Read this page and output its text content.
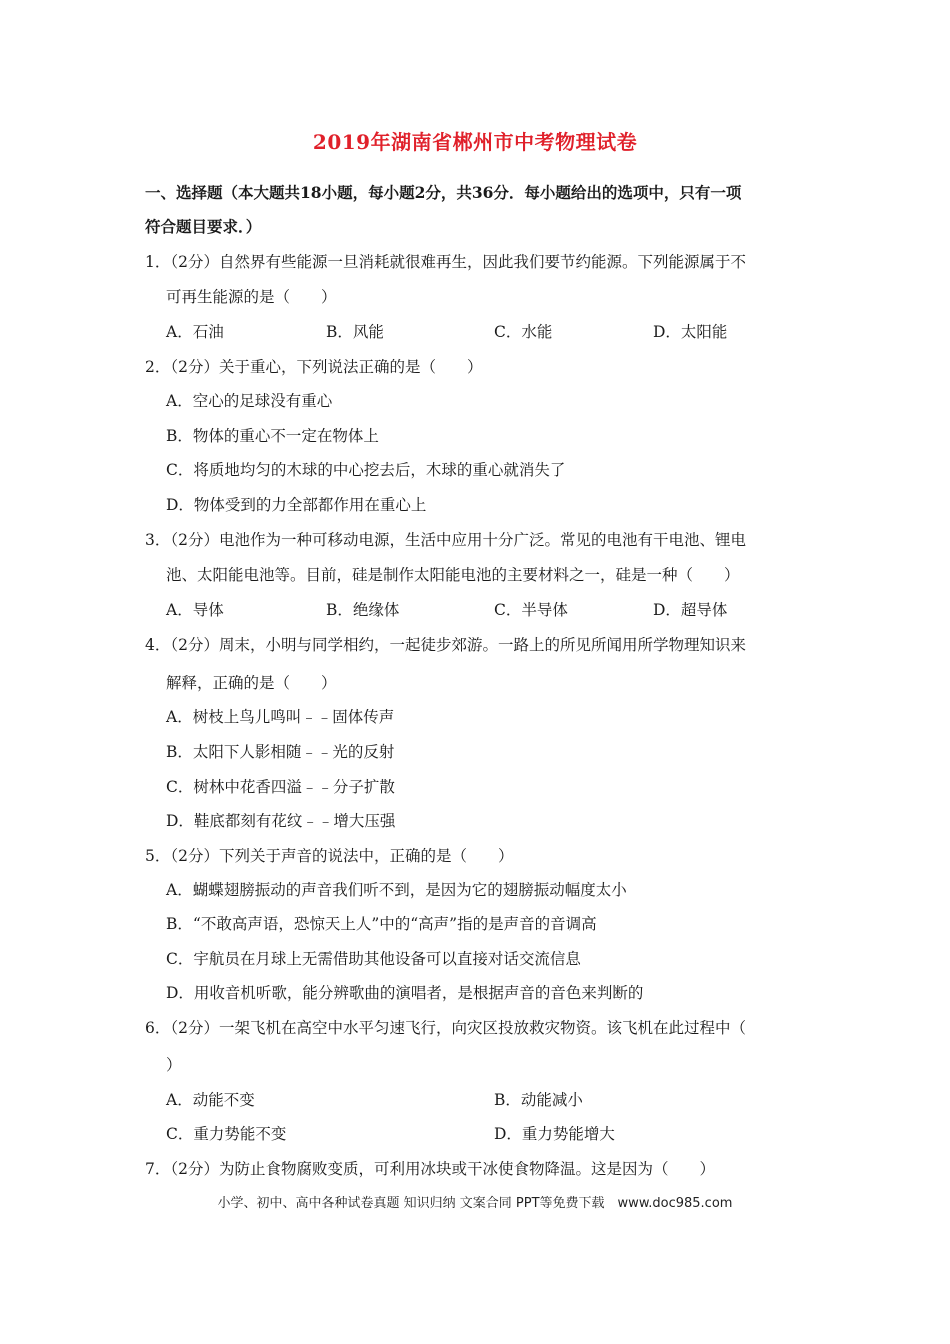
2019年湖南省郴州市中考物理试卷
一、选择题（本大题共18小题，每小题2分，共36分．每小题给出的选项中，只有一项
符合题目要求．）
1．（2分）自然界有些能源一旦消耗就很难再生，因此我们要节约能源。下列能源属于不
可再生能源的是（　　）
A．石油	B．风能	C．水能	D．太阳能
2．（2分）关于重心，下列说法正确的是（　　）
A．空心的足球没有重心
B．物体的重心不一定在物体上
C．将质地均匀的木球的中心挖去后，木球的重心就消失了
D．物体受到的力全部都作用在重心上
3．（2分）电池作为一种可移动电源，生活中应用十分广泛。常见的电池有干电池、锂电
池、太阳能电池等。目前，硅是制作太阳能电池的主要材料之一，硅是一种（　　）
A．导体	B．绝缘体	C．半导体	D．超导体
4．（2分）周末，小明与同学相约，一起徒步郊游。一路上的所见所闻用所学物理知识来
解释，正确的是（　　）
A．树枝上鸟儿鸣叫﹣﹣固体传声
B．太阳下人影相随﹣﹣光的反射
C．树林中花香四溢﹣﹣分子扩散
D．鞋底都刻有花纹﹣﹣增大压强
5．（2分）下列关于声音的说法中，正确的是（　　）
A．蝴蝶翅膀振动的声音我们听不到，是因为它的翅膀振动幅度太小
B．“不敢高声语，恐惊天上人”中的“高声”指的是声音的音调高
C．宇航员在月球上无需借助其他设备可以直接对话交流信息
D．用收音机听歌，能分辨歌曲的演唱者，是根据声音的音色来判断的
6．（2分）一架飞机在高空中水平匀速飞行，向灾区投放救灾物资。该飞机在此过程中（
）
A．动能不变	B．动能减小
C．重力势能不变	D．重力势能增大
7．（2分）为防止食物腐败变质，可利用冰块或干冰使食物降温。这是因为（　　）
小学、初中、高中各种试卷真题 知识归纳 文案合同 PPT等免费下载　www.doc985.com
